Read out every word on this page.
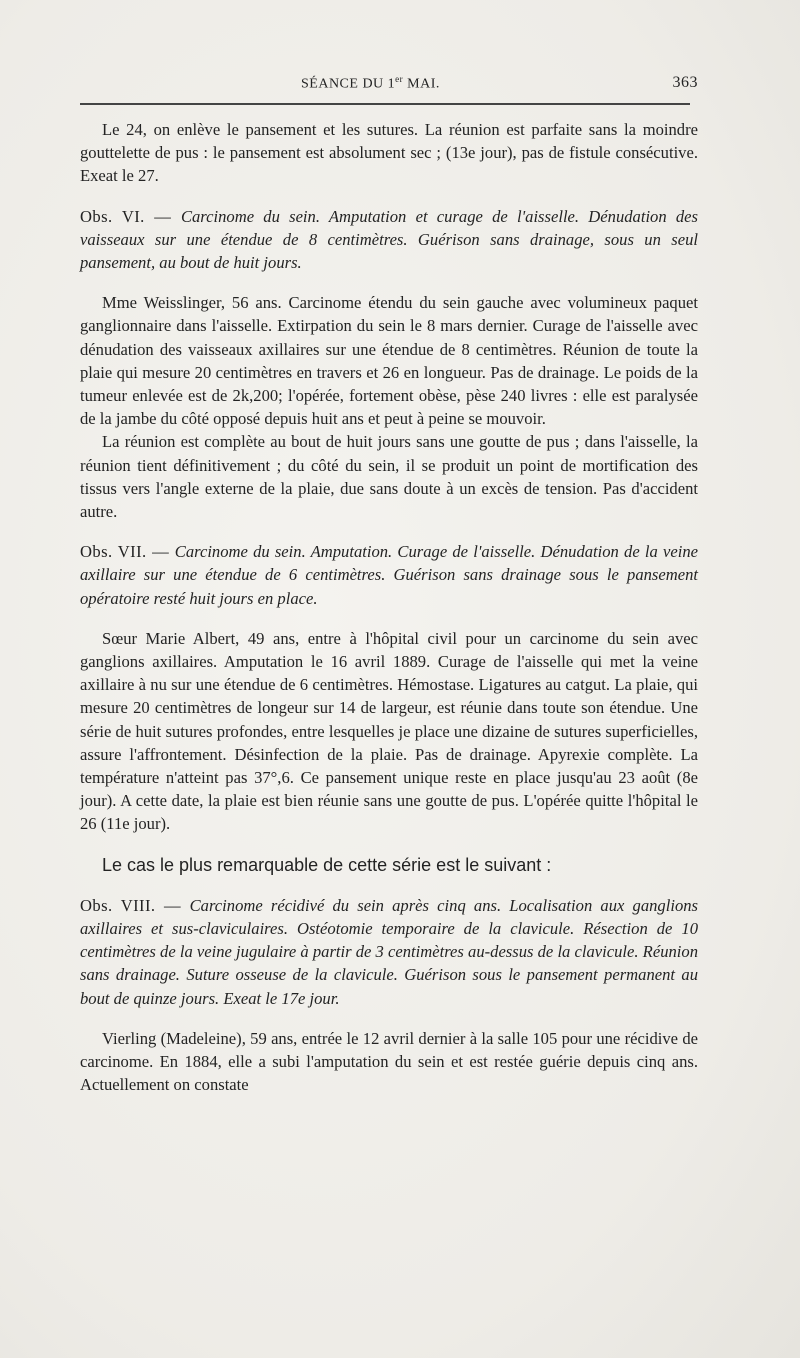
SÉANCE DU 1er MAI.	363

Le 24, on enlève le pansement et les sutures. La réunion est parfaite sans la moindre gouttelette de pus : le pansement est absolument sec ; (13e jour), pas de fistule consécutive. Exeat le 27.

Obs. VI. — Carcinome du sein. Amputation et curage de l'aisselle. Dénudation des vaisseaux sur une étendue de 8 centimètres. Guérison sans drainage, sous un seul pansement, au bout de huit jours.

Mme Weisslinger, 56 ans. Carcinome étendu du sein gauche avec volumineux paquet ganglionnaire dans l'aisselle. Extirpation du sein le 8 mars dernier. Curage de l'aisselle avec dénudation des vaisseaux axillaires sur une étendue de 8 centimètres. Réunion de toute la plaie qui mesure 20 centimètres en travers et 26 en longueur. Pas de drainage. Le poids de la tumeur enlevée est de 2k,200; l'opérée, fortement obèse, pèse 240 livres : elle est paralysée de la jambe du côté opposé depuis huit ans et peut à peine se mouvoir.

La réunion est complète au bout de huit jours sans une goutte de pus ; dans l'aisselle, la réunion tient définitivement ; du côté du sein, il se produit un point de mortification des tissus vers l'angle externe de la plaie, due sans doute à un excès de tension. Pas d'accident autre.

Obs. VII. — Carcinome du sein. Amputation. Curage de l'aisselle. Dénudation de la veine axillaire sur une étendue de 6 centimètres. Guérison sans drainage sous le pansement opératoire resté huit jours en place.

Sœur Marie Albert, 49 ans, entre à l'hôpital civil pour un carcinome du sein avec ganglions axillaires. Amputation le 16 avril 1889. Curage de l'aisselle qui met la veine axillaire à nu sur une étendue de 6 centimètres. Hémostase. Ligatures au catgut. La plaie, qui mesure 20 centimètres de longeur sur 14 de largeur, est réunie dans toute son étendue. Une série de huit sutures profondes, entre lesquelles je place une dizaine de sutures superficielles, assure l'affrontement. Désinfection de la plaie. Pas de drainage. Apyrexie complète. La température n'atteint pas 37°,6. Ce pansement unique reste en place jusqu'au 23 août (8e jour). A cette date, la plaie est bien réunie sans une goutte de pus. L'opérée quitte l'hôpital le 26 (11e jour).

Le cas le plus remarquable de cette série est le suivant :

Obs. VIII. — Carcinome récidivé du sein après cinq ans. Localisation aux ganglions axillaires et sus-claviculaires. Ostéotomie temporaire de la clavicule. Résection de 10 centimètres de la veine jugulaire à partir de 3 centimètres au-dessus de la clavicule. Réunion sans drainage. Suture osseuse de la clavicule. Guérison sous le pansement permanent au bout de quinze jours. Exeat le 17e jour.

Vierling (Madeleine), 59 ans, entrée le 12 avril dernier à la salle 105 pour une récidive de carcinome. En 1884, elle a subi l'amputation du sein et est restée guérie depuis cinq ans. Actuellement on constate
